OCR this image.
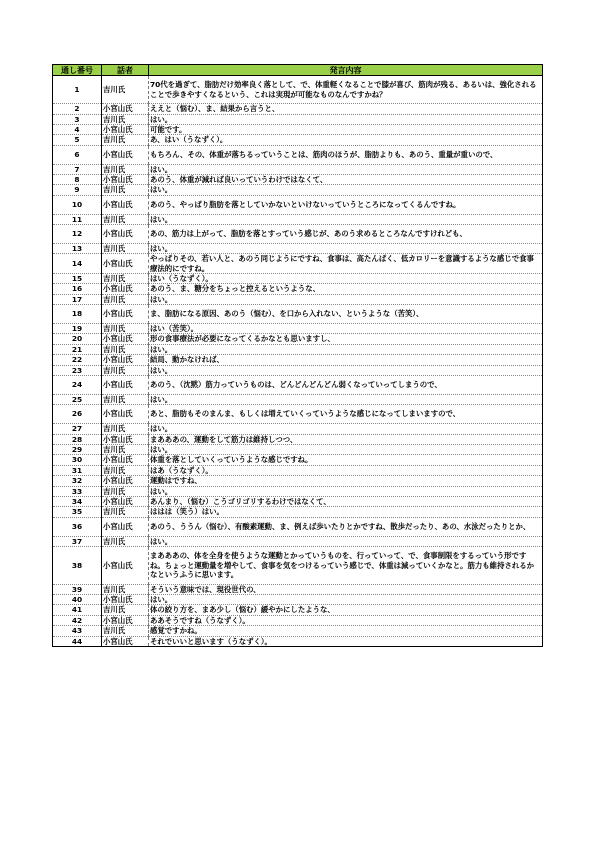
通し番号	話者	発言内容
1	吉川氏	70代を過ぎて、脂肪だけ効率良く落として、で、体重軽くなることで膝が喜び、筋肉が残る、あるいは、強化されることで歩きやすくなるという、これは実現が可能なものなんですかね？
2	小宮山氏	ええと（悩む）、ま、結果から言うと、
3	吉川氏	はい。
4	小宮山氏	可能です。
5	吉川氏	あ、はい（うなずく）。
6	小宮山氏	もちろん、その、体重が落ちるっていうことは、筋肉のほうが、脂肪よりも、あのう、重量が重いので、
7	吉川氏	はい。
8	小宮山氏	あのう、体重が減れば良いっていうわけではなくて、
9	吉川氏	はい。
10	小宮山氏	あのう、やっぱり脂肪を落としていかないといけないっていうところになってくるんですね。
11	吉川氏	はい。
12	小宮山氏	あの、筋力は上がって、脂肪を落とすっていう感じが、あのう求めるところなんですけれども、
13	吉川氏	はい。
14	小宮山氏	やっぱりその、若い人と、あのう同じようにですね、食事は、高たんぱく、低カロリーを意識するような感じで食事療法的にですね。
15	吉川氏	はい（うなずく）。
16	小宮山氏	あのう、ま、糖分をちょっと控えるというような、
17	吉川氏	はい。
18	小宮山氏	ま、脂肪になる原因、あのう（悩む）、を口から入れない、というような（苦笑）、
19	吉川氏	はい（苦笑）。
20	小宮山氏	形の食事療法が必要になってくるかなとも思いますし、
21	吉川氏	はい。
22	小宮山氏	結局、動かなければ、
23	吉川氏	はい。
24	小宮山氏	あのう、（沈黙）筋力っていうものは、どんどんどんどん弱くなっていってしまうので、
25	吉川氏	はい。
26	小宮山氏	あと、脂肪もそのまんま、もしくは増えていくっていうような感じになってしまいますので、
27	吉川氏	はい。
28	小宮山氏	まあああの、運動をして筋力は維持しつつ、
29	吉川氏	はい。
30	小宮山氏	体重を落としていくっていうような感じですね。
31	吉川氏	はあ（うなずく）。
32	小宮山氏	運動はですね、
33	吉川氏	はい。
34	小宮山氏	あんまり、（悩む）こうゴリゴリするわけではなくて、
35	吉川氏	ははは（笑う）はい。
36	小宮山氏	あのう、ううん（悩む）、有酸素運動、ま、例えば歩いたりとかですね、散歩だったり、あの、水泳だったりとか、
37	吉川氏	はい。
38	小宮山氏	まあああの、体を全身を使うような運動とかっていうものを、行っていって、で、食事制限をするっていう形ですね。ちょっと運動量を増やして、食事を気をつけるっていう感じで、体重は減っていくかなと。筋力も維持されるかなというふうに思います。
39	吉川氏	そういう意味では、現役世代の、
40	小宮山氏	はい。
41	吉川氏	体の絞り方を、まあ少し（悩む）緩やかにしたような、
42	小宮山氏	ああそうですね（うなずく）。
43	吉川氏	感覚ですかね。
44	小宮山氏	それでいいと思います（うなずく）。
